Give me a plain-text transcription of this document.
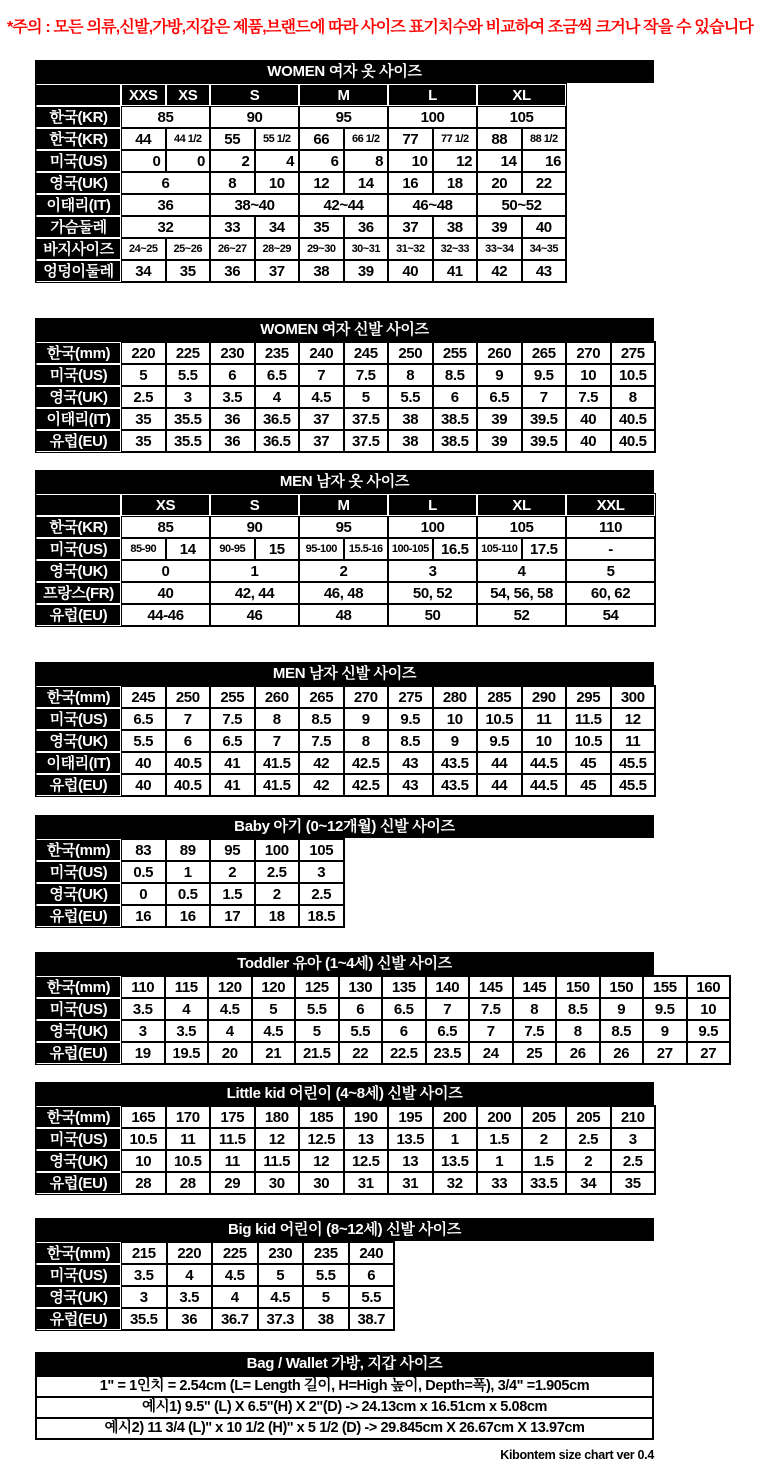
*주의 : 모든 의류,신발,가방,지갑은 제품,브랜드에 따라 사이즈 표기치수와 비교하여 조금씩 크거나 작을 수 있습니다
WOMEN 여자 옷 사이즈
	XXS	XS	S		M		L		XL	
한국(KR)	85		90		95		100		105	
한국(KR)	44	44 1/2	55	55 1/2	66	66 1/2	77	77 1/2	88	88 1/2
미국(US)	0	0	2	4	6	8	10	12	14	16
영국(UK)	6		8	10	12	14	16	18	20	22
이태리(IT)	36		38~40		42~44		46~48		50~52	
가슴둘레	32		33	34	35	36	37	38	39	40
바지사이즈	24~25	25~26	26~27	28~29	29~30	30~31	31~32	32~33	33~34	34~35
엉덩이둘레	34	35	36	37	38	39	40	41	42	43
WOMEN 여자 신발 사이즈
한국(mm)	220	225	230	235	240	245	250	255	260	265	270	275
미국(US)	5	5.5	6	6.5	7	7.5	8	8.5	9	9.5	10	10.5
영국(UK)	2.5	3	3.5	4	4.5	5	5.5	6	6.5	7	7.5	8
이태리(IT)	35	35.5	36	36.5	37	37.5	38	38.5	39	39.5	40	40.5
유럽(EU)	35	35.5	36	36.5	37	37.5	38	38.5	39	39.5	40	40.5
MEN 남자 옷 사이즈
	XS		S		M		L		XL		XXL
한국(KR)	85		90		95		100		105		110
미국(US)	85-90	14	90-95	15	95-100	15.5-16	100-105	16.5	105-110	17.5	-
영국(UK)	0		1		2		3		4		5
프랑스(FR)	40		42, 44		46, 48		50, 52		54, 56, 58		60, 62
유럽(EU)	44-46		46		48		50		52		54
MEN 남자 신발 사이즈
한국(mm)	245	250	255	260	265	270	275	280	285	290	295	300
미국(US)	6.5	7	7.5	8	8.5	9	9.5	10	10.5	11	11.5	12
영국(UK)	5.5	6	6.5	7	7.5	8	8.5	9	9.5	10	10.5	11
이태리(IT)	40	40.5	41	41.5	42	42.5	43	43.5	44	44.5	45	45.5
유럽(EU)	40	40.5	41	41.5	42	42.5	43	43.5	44	44.5	45	45.5
Baby 아기 (0~12개월) 신발 사이즈
한국(mm)	83	89	95	100	105
미국(US)	0.5	1	2	2.5	3
영국(UK)	0	0.5	1.5	2	2.5
유럽(EU)	16	16	17	18	18.5
Toddler 유아 (1~4세) 신발 사이즈
한국(mm)	110	115	120	120	125	130	135	140	145	145	150	150	155	160
미국(US)	3.5	4	4.5	5	5.5	6	6.5	7	7.5	8	8.5	9	9.5	10
영국(UK)	3	3.5	4	4.5	5	5.5	6	6.5	7	7.5	8	8.5	9	9.5
유럽(EU)	19	19.5	20	21	21.5	22	22.5	23.5	24	25	26	26	27	27
Little kid 어린이 (4~8세) 신발 사이즈
한국(mm)	165	170	175	180	185	190	195	200	200	205	205	210
미국(US)	10.5	11	11.5	12	12.5	13	13.5	1	1.5	2	2.5	3
영국(UK)	10	10.5	11	11.5	12	12.5	13	13.5	1	1.5	2	2.5
유럽(EU)	28	28	29	30	30	31	31	32	33	33.5	34	35
Big kid 어린이 (8~12세) 신발 사이즈
한국(mm)	215	220	225	230	235	240
미국(US)	3.5	4	4.5	5	5.5	6
영국(UK)	3	3.5	4	4.5	5	5.5
유럽(EU)	35.5	36	36.7	37.3	38	38.7
Bag / Wallet 가방, 지갑 사이즈
1" = 1인치 = 2.54cm (L= Length 길이, H=High 높이, Depth=폭), 3/4" =1.905cm
예시1) 9.5" (L) X 6.5"(H) X 2"(D) -> 24.13cm x 16.51cm x 5.08cm
예시2) 11 3/4 (L)'' x 10 1/2 (H)'' x 5 1/2 (D) -> 29.845cm X 26.67cm X 13.97cm
Kibontem size chart ver 0.4
